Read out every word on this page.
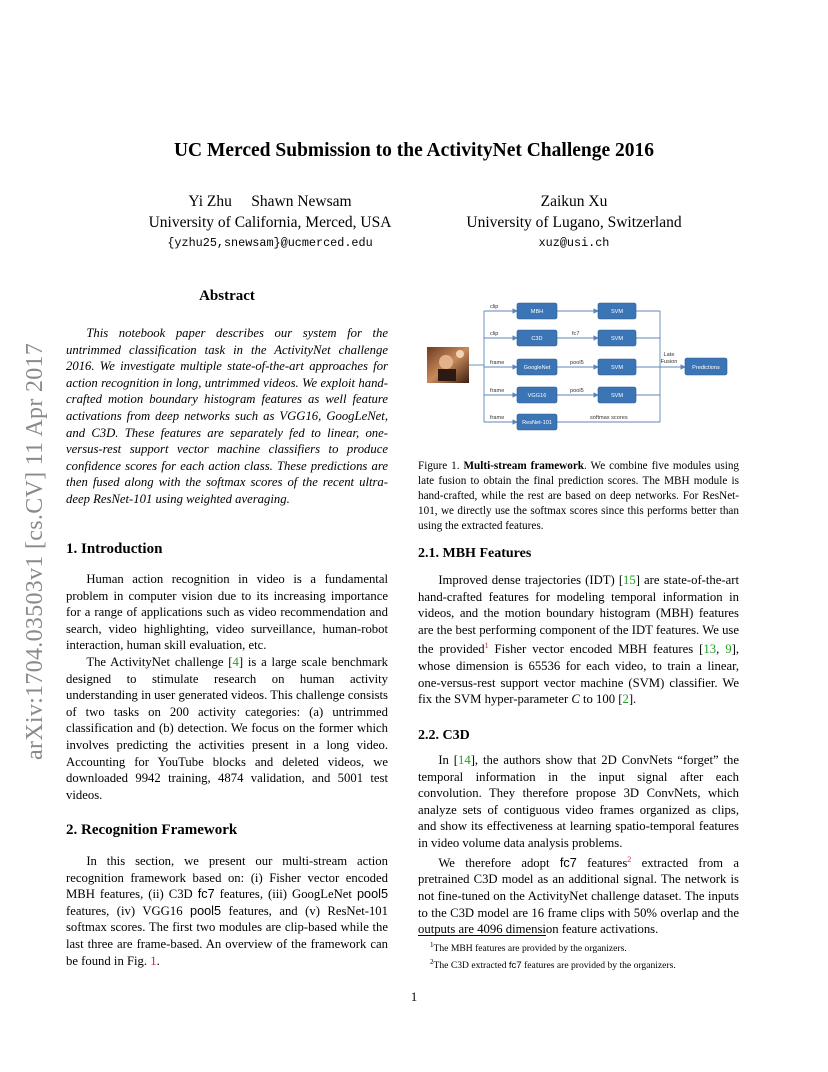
arXiv:1704.03503v1 [cs.CV] 11 Apr 2017
UC Merced Submission to the ActivityNet Challenge 2016
Yi Zhu     Shawn Newsam
University of California, Merced, USA
{yzhu25,snewsam}@ucmerced.edu
Zaikun Xu
University of Lugano, Switzerland
xuz@usi.ch
Abstract
This notebook paper describes our system for the untrimmed classification task in the ActivityNet challenge 2016. We investigate multiple state-of-the-art approaches for action recognition in long, untrimmed videos. We exploit hand-crafted motion boundary histogram features as well feature activations from deep networks such as VGG16, GoogLeNet, and C3D. These features are separately fed to linear, one-versus-rest support vector machine classifiers to produce confidence scores for each action class. These predictions are then fused along with the softmax scores of the recent ultra-deep ResNet-101 using weighted averaging.
1. Introduction

Human action recognition in video is a fundamental problem in computer vision due to its increasing importance for a range of applications such as video recommendation and search, video highlighting, video surveillance, human-robot interaction, human skill evaluation, etc.

The ActivityNet challenge [4] is a large scale benchmark designed to stimulate research on human activity understanding in user generated videos. This challenge consists of two tasks on 200 activity categories: (a) untrimmed classification and (b) detection. We focus on the former which involves predicting the activities present in a long video. Accounting for YouTube blocks and deleted videos, we downloaded 9942 training, 4874 validation, and 5001 test videos.

2. Recognition Framework

In this section, we present our multi-stream action recognition framework based on: (i) Fisher vector encoded MBH features, (ii) C3D fc7 features, (iii) GoogLeNet pool5 features, (iv) VGG16 pool5 features, and (v) ResNet-101 softmax scores. The first two modules are clip-based while the last three are frame-based. An overview of the framework can be found in Fig. 1.

clip
clip
frame
frame
frame
MBH
C3D
GoogleNet
VGG16
ResNet-101
fc7
pool5
pool5
softmax scores
SVM
SVM
SVM
SVM
Late
Fusion
Predictions
Figure 1. Multi-stream framework. We combine five modules using late fusion to obtain the final prediction scores. The MBH module is hand-crafted, while the rest are based on deep networks. For ResNet-101, we directly use the softmax scores since this performs better than using the extracted features.
2.1. MBH Features

Improved dense trajectories (IDT) [15] are state-of-the-art hand-crafted features for modeling temporal information in videos, and the motion boundary histogram (MBH) features are the best performing component of the IDT features. We use the provided$^1$ Fisher vector encoded MBH features [13, 9], whose dimension is 65536 for each video, to train a linear, one-versus-rest support vector machine (SVM) classifier. We fix the SVM hyper-parameter C to 100 [2].

2.2. C3D

In [14], the authors show that 2D ConvNets “forget” the temporal information in the input signal after each convolution. They therefore propose 3D ConvNets, which analyze sets of contiguous video frames organized as clips, and show its effectiveness at learning spatio-temporal features in video volume data analysis problems.

We therefore adopt fc7 features$^2$ extracted from a pretrained C3D model as an additional signal. The network is not fine-tuned on the ActivityNet challenge dataset. The inputs to the C3D model are 16 frame clips with 50% overlap and the outputs are 4096 dimension feature activations.

$^1$The MBH features are provided by the organizers.
$^2$The C3D extracted fc7 features are provided by the organizers.
1
